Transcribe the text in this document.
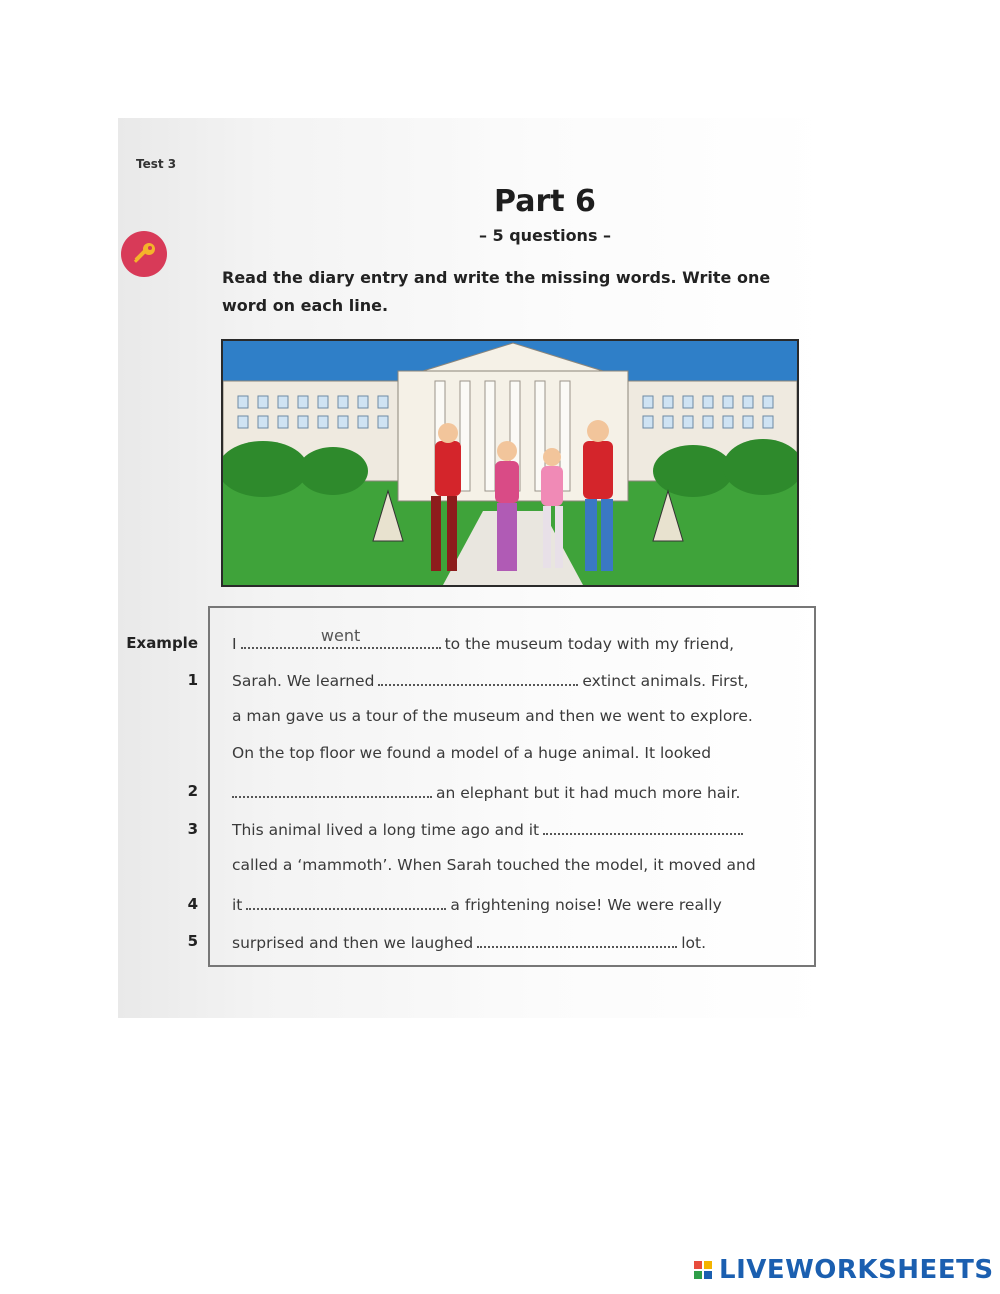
Test 3
Part 6
– 5 questions –
Read the diary entry and write the missing words. Write one word on each line.
Example
1
2
3
4
5
I	went	to the museum today with my friend,
Sarah. We learned	extinct animals. First,
a man gave us a tour of the museum and then we went to explore.
On the top floor we found a model of a huge animal. It looked
an elephant but it had much more hair.
This animal lived a long time ago and it
called a ‘mammoth’. When Sarah touched the model, it moved and
it	a frightening noise! We were really
surprised and then we laughed	lot.

LIVEWORKSHEETS
